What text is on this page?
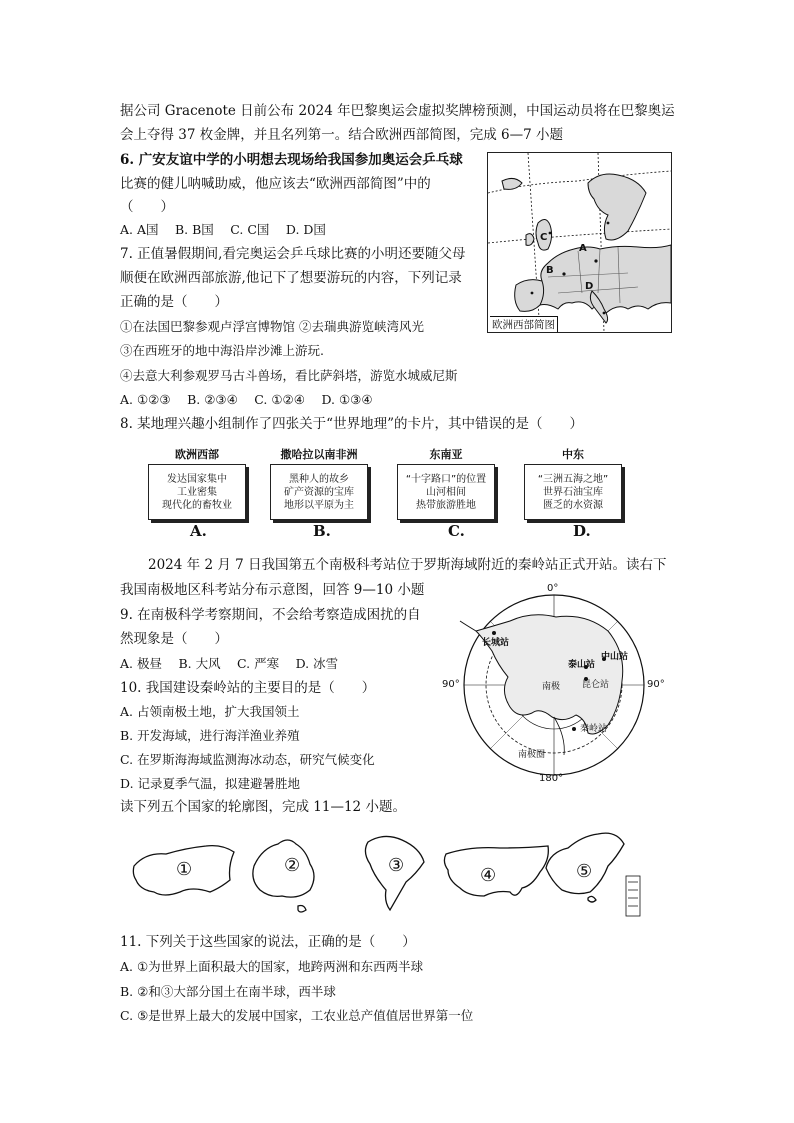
据公司 Gracenote 日前公布 2024 年巴黎奥运会虚拟奖牌榜预测，中国运动员将在巴黎奥运
会上夺得 37 枚金牌，并且名列第一。结合欧洲西部简图，完成 6—7 小题
6. 广安友谊中学的小明想去现场给我国参加奥运会乒乓球
比赛的健儿呐喊助威，他应该去“欧洲西部简图”中的
（　　）
A. A国　 B. B国　 C. C国　 D. D国
7. 正值暑假期间,看完奥运会乒乓球比赛的小明还要随父母
顺便在欧洲西部旅游,他记下了想要游玩的内容，下列记录
正确的是（　　）
①在法国巴黎参观卢浮宫博物馆 ②去瑞典游览峡湾风光
③在西班牙的地中海沿岸沙滩上游玩.
④去意大利参观罗马古斗兽场，看比萨斜塔，游览水城威尼斯
A. ①②③　 B. ②③④　 C. ①②④　 D. ①③④
C
A
B
D
欧洲西部简图
8. 某地理兴趣小组制作了四张关于“世界地理”的卡片，其中错误的是（　　）
欧洲西部
发达国家集中
工业密集
现代化的畜牧业
撒哈拉以南非洲
黑种人的故乡
矿产资源的宝库
地形以平原为主
东南亚
“十字路口”的位置
山河相间
热带旅游胜地
中东
“三洲五海之地”
世界石油宝库
匮乏的水资源
A.	B.	C.	D.
2024 年 2 月 7 日我国第五个南极科考站位于罗斯海域附近的秦岭站正式开站。读右下
我国南极地区科考站分布示意图，回答 9—10 小题
9. 在南极科学考察期间，不会给考察造成困扰的自
然现象是（　　）
A. 极昼　 B. 大风　 C. 严寒　 D. 冰雪
10. 我国建设秦岭站的主要目的是（　　）
A. 占领南极土地，扩大我国领土
B. 开发海域，进行海洋渔业养殖
C. 在罗斯海海域监测海冰动态，研究气候变化
D. 记录夏季气温，拟建避暑胜地
0°
90°	90°
180°
长城站
中山站
泰山站
昆仑站
秦岭站
南极
南极圈
读下列五个国家的轮廓图，完成 11—12 小题。
①	②	③	④	⑤
11. 下列关于这些国家的说法，正确的是（　　）
A. ①为世界上面积最大的国家，地跨两洲和东西两半球
B. ②和③大部分国土在南半球，西半球
C. ⑤是世界上最大的发展中国家，工农业总产值值居世界第一位
